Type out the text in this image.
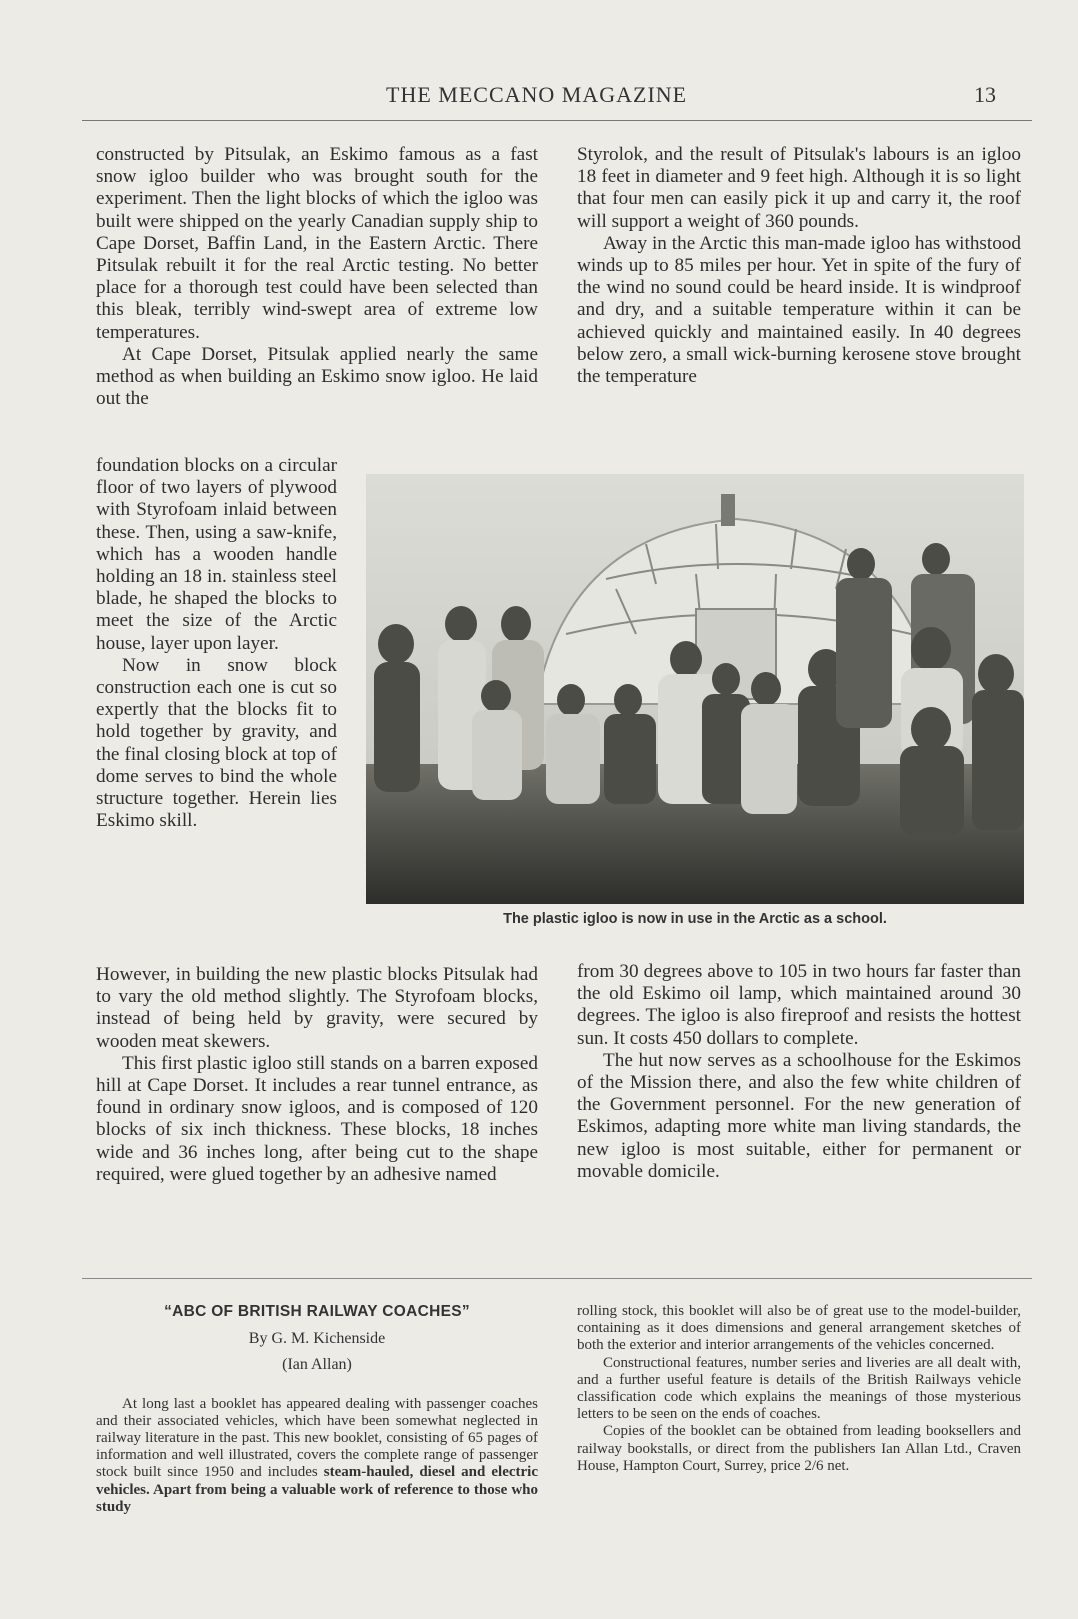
THE MECCANO MAGAZINE	13

constructed by Pitsulak, an Eskimo famous as a fast snow igloo builder who was brought south for the experiment. Then the light blocks of which the igloo was built were shipped on the yearly Canadian supply ship to Cape Dorset, Baffin Land, in the Eastern Arctic. There Pitsulak rebuilt it for the real Arctic testing. No better place for a thorough test could have been selected than this bleak, terribly wind-swept area of extreme low temperatures.

At Cape Dorset, Pitsulak applied nearly the same method as when building an Eskimo snow igloo. He laid out the

foundation blocks on a circular floor of two layers of plywood with Styrofoam inlaid between these. Then, using a saw-knife, which has a wooden handle holding an 18 in. stainless steel blade, he shaped the blocks to meet the size of the Arctic house, layer upon layer.

Now in snow block construction each one is cut so expertly that the blocks fit to hold together by gravity, and the final closing block at top of dome serves to bind the whole structure together. Herein lies Eskimo skill.

However, in building the new plastic blocks Pitsulak had to vary the old method slightly. The Styrofoam blocks, instead of being held by gravity, were secured by wooden meat skewers.

This first plastic igloo still stands on a barren exposed hill at Cape Dorset. It includes a rear tunnel entrance, as found in ordinary snow igloos, and is composed of 120 blocks of six inch thickness. These blocks, 18 inches wide and 36 inches long, after being cut to the shape required, were glued together by an adhesive named

Styrolok, and the result of Pitsulak's labours is an igloo 18 feet in diameter and 9 feet high. Although it is so light that four men can easily pick it up and carry it, the roof will support a weight of 360 pounds.

Away in the Arctic this man-made igloo has withstood winds up to 85 miles per hour. Yet in spite of the fury of the wind no sound could be heard inside. It is windproof and dry, and a suitable temperature within it can be achieved quickly and maintained easily. In 40 degrees below zero, a small wick-burning kerosene stove brought the temperature

The plastic igloo is now in use in the Arctic as a school.

from 30 degrees above to 105 in two hours far faster than the old Eskimo oil lamp, which maintained around 30 degrees. The igloo is also fireproof and resists the hottest sun. It costs 450 dollars to complete.

The hut now serves as a schoolhouse for the Eskimos of the Mission there, and also the few white children of the Government personnel. For the new generation of Eskimos, adapting more white man living standards, the new igloo is most suitable, either for permanent or movable domicile.

“ABC OF BRITISH RAILWAY COACHES”
By G. M. Kichenside
(Ian Allan)

At long last a booklet has appeared dealing with passenger coaches and their associated vehicles, which have been somewhat neglected in railway literature in the past. This new booklet, consisting of 65 pages of information and well illustrated, covers the complete range of passenger stock built since 1950 and includes steam-hauled, diesel and electric vehicles. Apart from being a valuable work of reference to those who study

rolling stock, this booklet will also be of great use to the model-builder, containing as it does dimensions and general arrangement sketches of both the exterior and interior arrangements of the vehicles concerned.

Constructional features, number series and liveries are all dealt with, and a further useful feature is details of the British Railways vehicle classification code which explains the meanings of those mysterious letters to be seen on the ends of coaches.

Copies of the booklet can be obtained from leading booksellers and railway bookstalls, or direct from the publishers Ian Allan Ltd., Craven House, Hampton Court, Surrey, price 2/6 net.
